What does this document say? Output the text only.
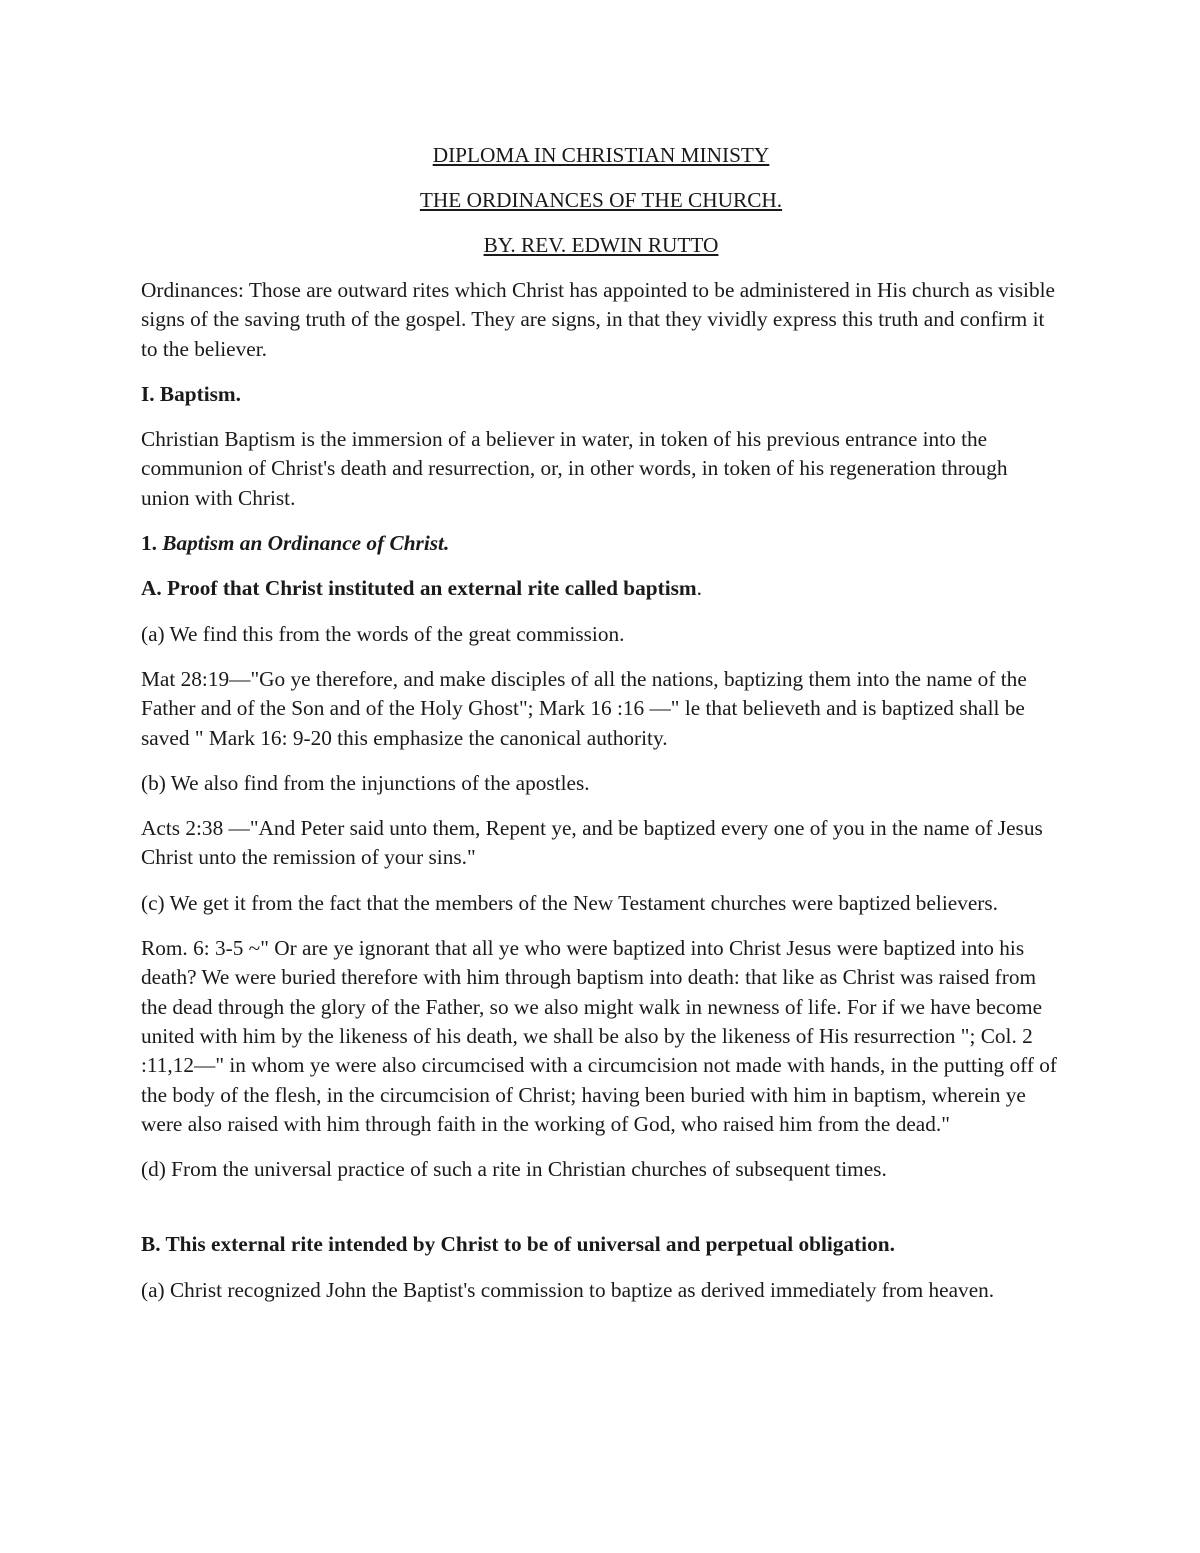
DIPLOMA IN CHRISTIAN MINISTY
THE ORDINANCES OF THE CHURCH.
BY. REV. EDWIN RUTTO

Ordinances: Those are outward rites which Christ has appointed to be administered in His church as visible signs of the saving truth of the gospel. They are signs, in that they vividly express this truth and confirm it to the believer.

I. Baptism.

Christian Baptism is the immersion of a believer in water, in token of his previous entrance into the communion of Christ's death and resurrection, or, in other words, in token of his regeneration through union with Christ.

1. Baptism an Ordinance of Christ.

A. Proof that Christ instituted an external rite called baptism.

(a) We find this from the words of the great commission.

Mat 28:19—"Go ye therefore, and make disciples of all the nations, baptizing them into the name of the Father and of the Son and of the Holy Ghost"; Mark 16 :16 —" le that believeth and is baptized shall be saved " Mark 16: 9-20 this emphasize the canonical authority.

(b) We also find from the injunctions of the apostles.

Acts 2:38 —"And Peter said unto them, Repent ye, and be baptized every one of you in the name of Jesus Christ unto the remission of your sins."

(c) We get it from the fact that the members of the New Testament churches were baptized believers.

Rom. 6: 3-5 ~" Or are ye ignorant that all ye who were baptized into Christ Jesus were baptized into his death? We were buried therefore with him through baptism into death: that like as Christ was raised from the dead through the glory of the Father, so we also might walk in newness of life. For if we have become united with him by the likeness of his death, we shall be also by the likeness of His resurrection "; Col. 2 :11,12—" in whom ye were also circumcised with a circumcision not made with hands, in the putting off of the body of the flesh, in the circumcision of Christ; having been buried with him in baptism, wherein ye were also raised with him through faith in the working of God, who raised him from the dead."

(d) From the universal practice of such a rite in Christian churches of subsequent times.

B. This external rite intended by Christ to be of universal and perpetual obligation.

(a) Christ recognized John the Baptist's commission to baptize as derived immediately from heaven.
